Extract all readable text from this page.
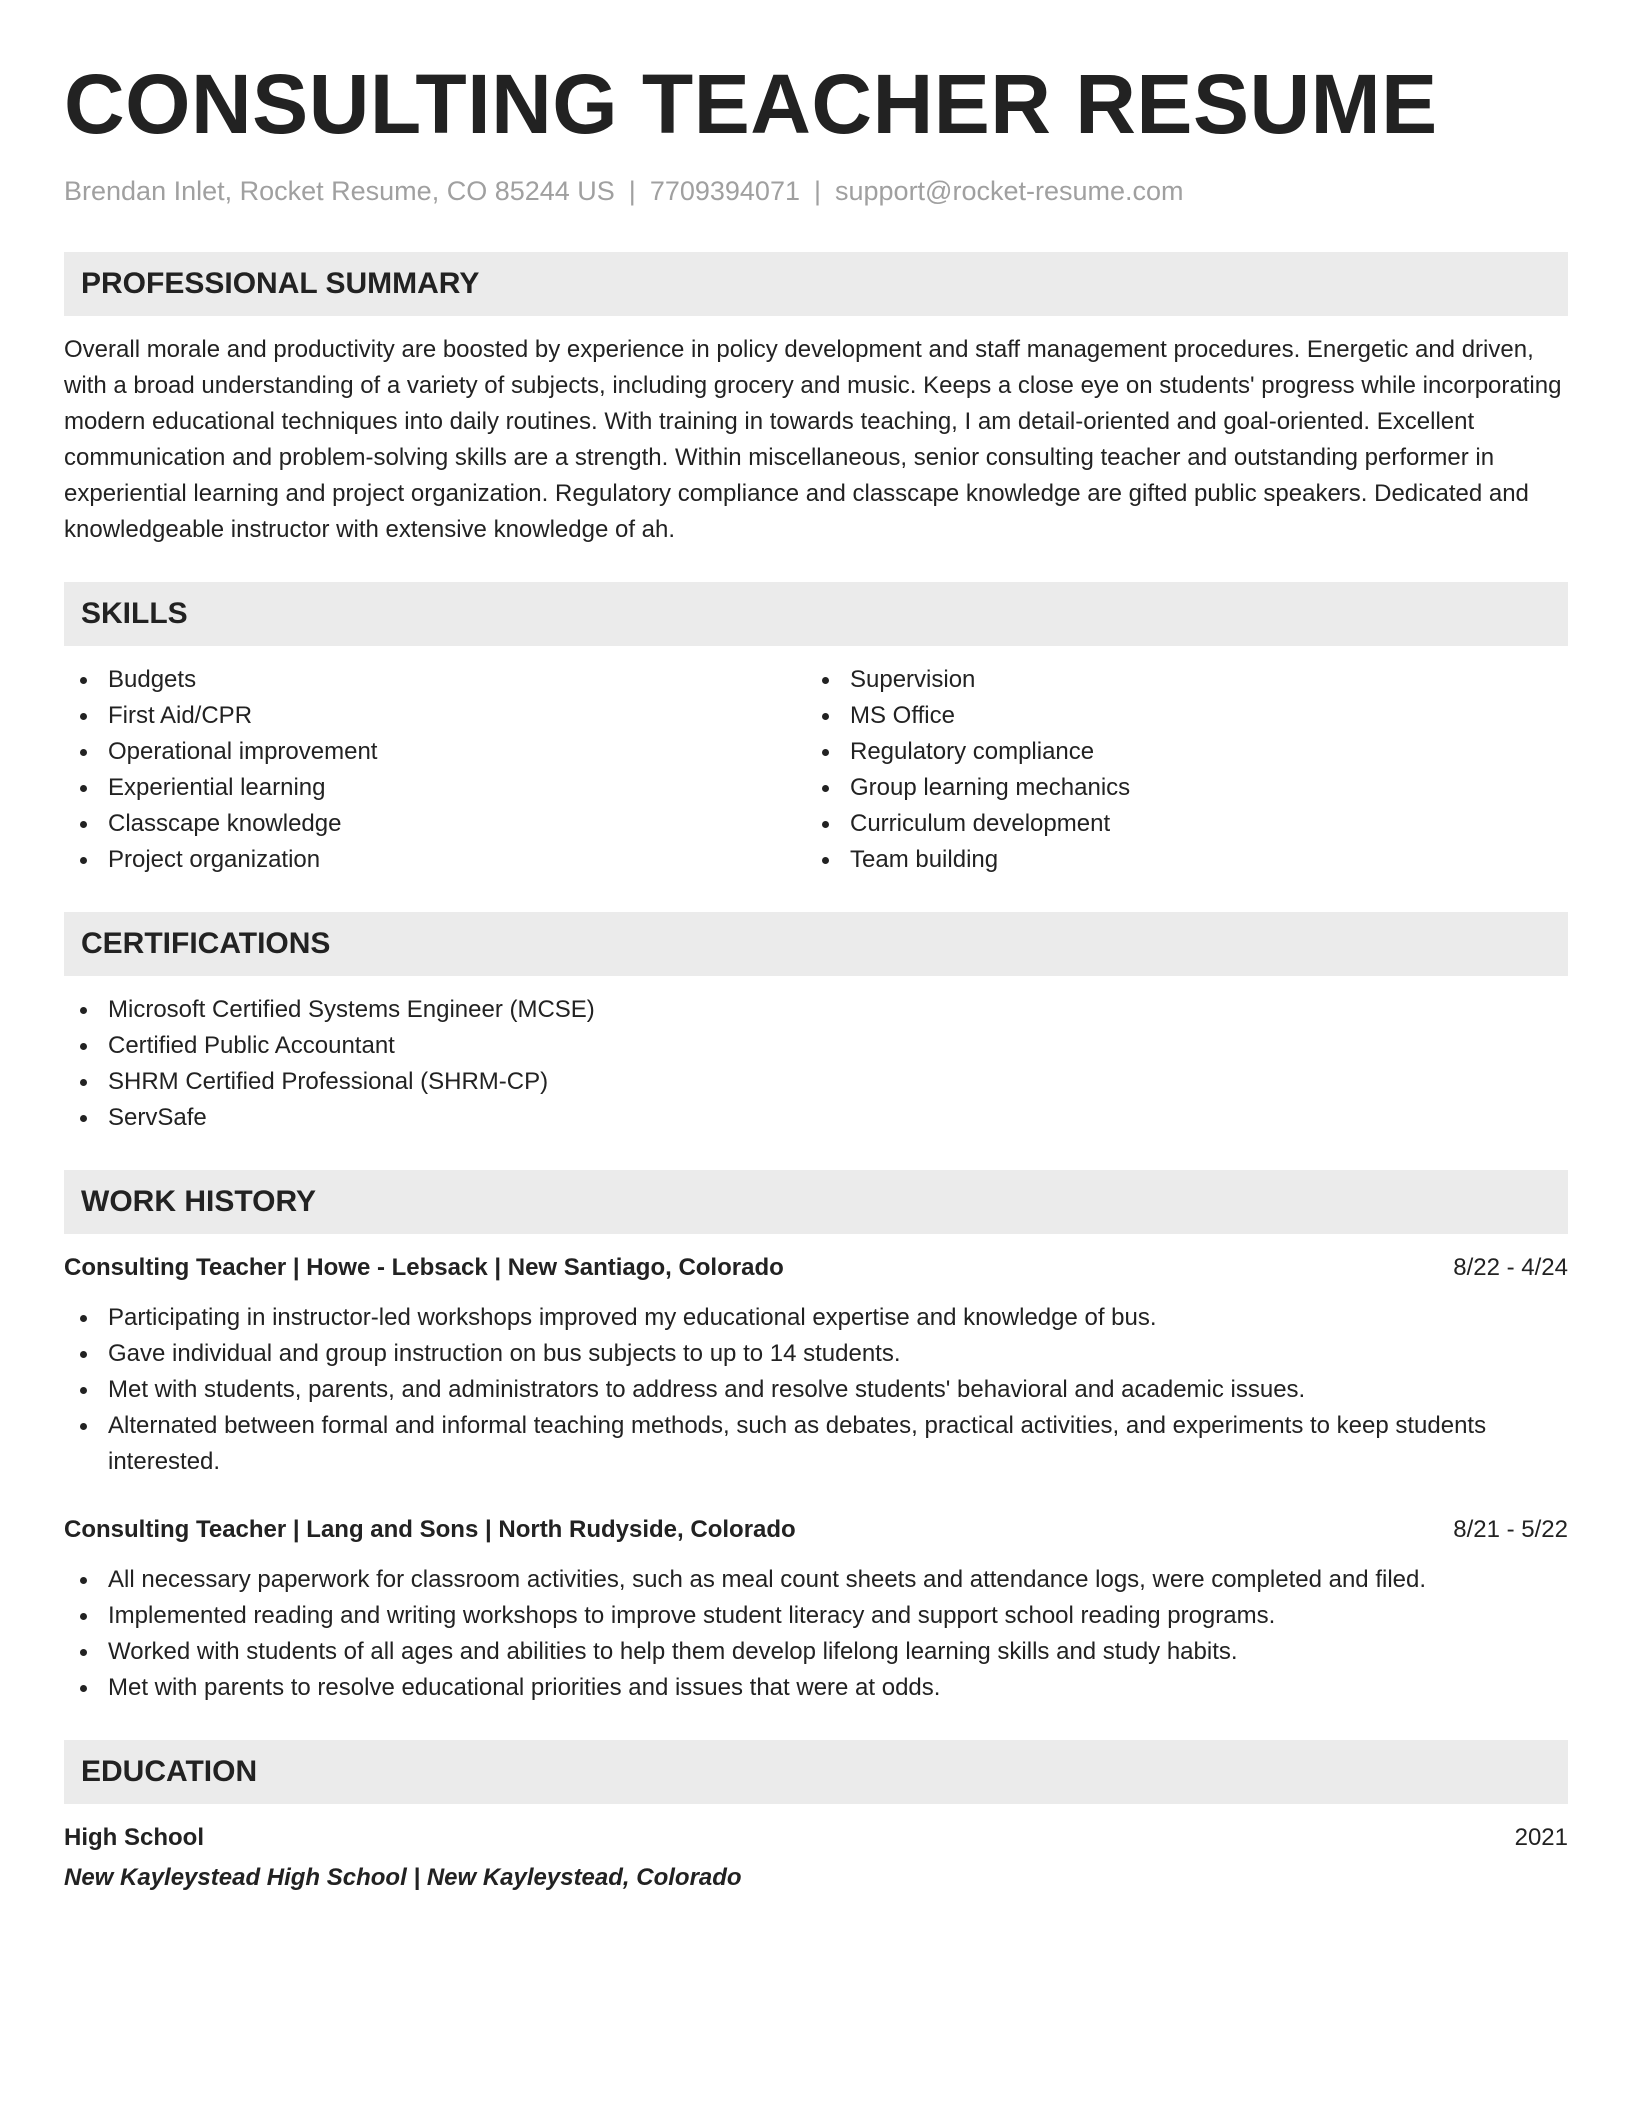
CONSULTING TEACHER RESUME
Brendan Inlet, Rocket Resume, CO 85244 US | 7709394071 | support@rocket-resume.com
PROFESSIONAL SUMMARY

Overall morale and productivity are boosted by experience in policy development and staff management procedures. Energetic and driven, with a broad understanding of a variety of subjects, including grocery and music. Keeps a close eye on students' progress while incorporating modern educational techniques into daily routines. With training in towards teaching, I am detail-oriented and goal-oriented. Excellent communication and problem-solving skills are a strength. Within miscellaneous, senior consulting teacher and outstanding performer in experiential learning and project organization. Regulatory compliance and classcape knowledge are gifted public speakers. Dedicated and knowledgeable instructor with extensive knowledge of ah.

SKILLS
Budgets
First Aid/CPR
Operational improvement
Experiential learning
Classcape knowledge
Project organization
Supervision
MS Office
Regulatory compliance
Group learning mechanics
Curriculum development
Team building
CERTIFICATIONS
Microsoft Certified Systems Engineer (MCSE)
Certified Public Accountant
SHRM Certified Professional (SHRM-CP)
ServSafe
WORK HISTORY
Consulting Teacher | Howe - Lebsack | New Santiago, Colorado	8/22 - 4/24
Participating in instructor-led workshops improved my educational expertise and knowledge of bus.
Gave individual and group instruction on bus subjects to up to 14 students.
Met with students, parents, and administrators to address and resolve students' behavioral and academic issues.
Alternated between formal and informal teaching methods, such as debates, practical activities, and experiments to keep students interested.
Consulting Teacher | Lang and Sons | North Rudyside, Colorado	8/21 - 5/22
All necessary paperwork for classroom activities, such as meal count sheets and attendance logs, were completed and filed.
Implemented reading and writing workshops to improve student literacy and support school reading programs.
Worked with students of all ages and abilities to help them develop lifelong learning skills and study habits.
Met with parents to resolve educational priorities and issues that were at odds.
EDUCATION
High School	2021
New Kayleystead High School | New Kayleystead, Colorado
